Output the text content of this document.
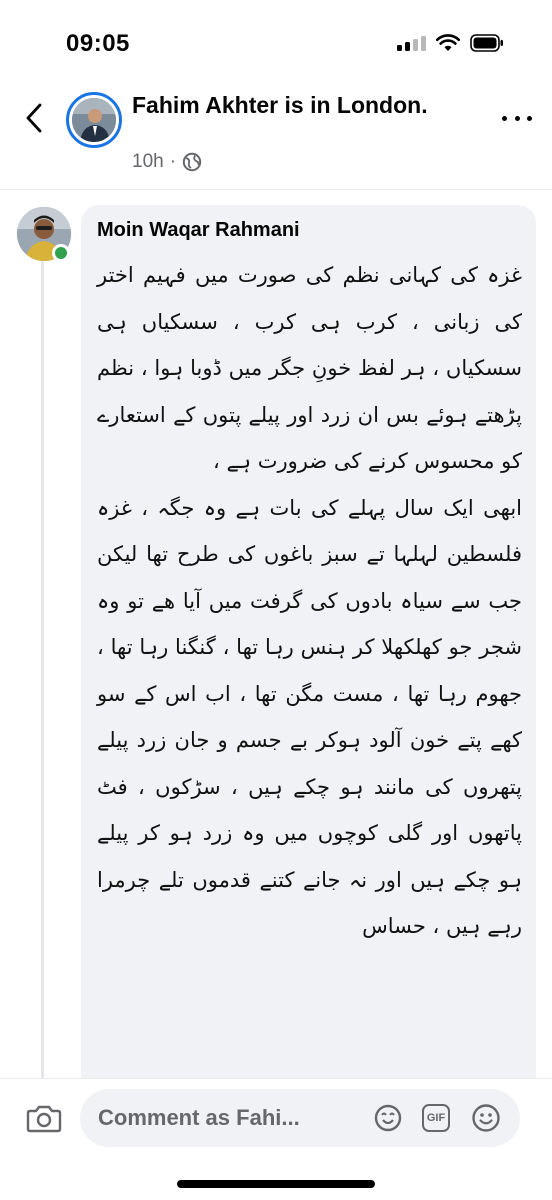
09:05
Fahim Akhter is in London.
10h ·
Moin Waqar Rahmani
غزہ کی کہانی نظم کی صورت میں فہیم اختر کی زبانی ، کرب ہی کرب ، سسکیاں ہی سسکیاں ، ہر لفظ خونِ جگر میں ڈوبا ہوا ، نظم پڑھتے ہوئے بس ان زرد اور پیلے پتوں کے استعارے کو محسوس کرنے کی ضرورت ہے ،
ابھی ایک سال پہلے کی بات ہے وہ جگہ ، غزہ فلسطین لہلہا تے سبز باغوں کی طرح تھا لیکن جب سے سیاہ بادوں کی گرفت میں آیا ھے تو وہ شجر جو کھلکھلا کر ہنس رہا تھا ، گنگنا رہا تھا ، جھوم رہا تھا ، مست مگن تھا ، اب اس کے سو کھے پتے خون آلود ہوکر بے جسم و جان زرد پیلے پتھروں کی مانند ہو چکے ہیں ، سڑکوں ، فٹ پاتھوں اور گلی کوچوں میں وہ زرد ہو کر پیلے ہو چکے ہیں اور نہ جانے کتنے قدموں تلے چرمرا رہے ہیں ، حساس
Comment as Fahi...	GIF
